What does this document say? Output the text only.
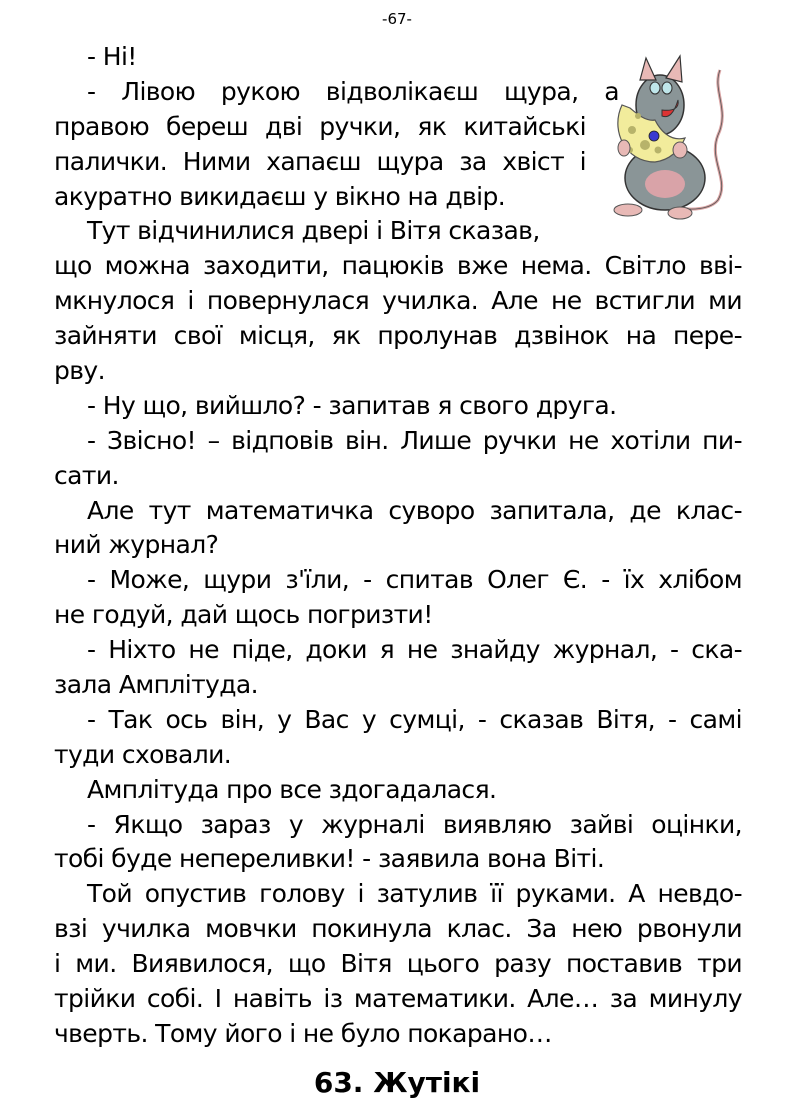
-67-
- Ні!
- Лівою рукою відволікаєш щура, а
правою береш дві ручки, як китайські
палички. Ними хапаєш щура за хвіст і
акуратно викидаєш у вікно на двір.
Тут відчинилися двері і Вітя сказав,
що можна заходити, пацюків вже нема. Світло вві-
мкнулося і повернулася училка. Але не встигли ми
зайняти свої місця, як пролунав дзвінок на пере-
рву.
- Ну що, вийшло? - запитав я свого друга.
- Звісно! – відповів він. Лише ручки не хотіли пи-
сати.
Але тут математичка суворо запитала, де клас-
ний журнал?
- Може, щури з'їли, - спитав Олег Є. - їх хлібом
не годуй, дай щось погризти!
- Ніхто не піде, доки я не знайду журнал, - ска-
зала Амплітуда.
- Так ось він, у Вас у сумці, - сказав Вітя, - самі
туди сховали.
Амплітуда про все здогадалася.
- Якщо зараз у журналі виявляю зайві оцінки,
тобі буде непереливки! - заявила вона Віті.
Той опустив голову і затулив її руками. А невдо-
взі училка мовчки покинула клас. За нею рвонули
і ми. Виявилося, що Вітя цього разу поставив три
трійки собі. І навіть із математики. Але… за минулу
чверть. Тому його і не було покарано…
63. Жутікі
